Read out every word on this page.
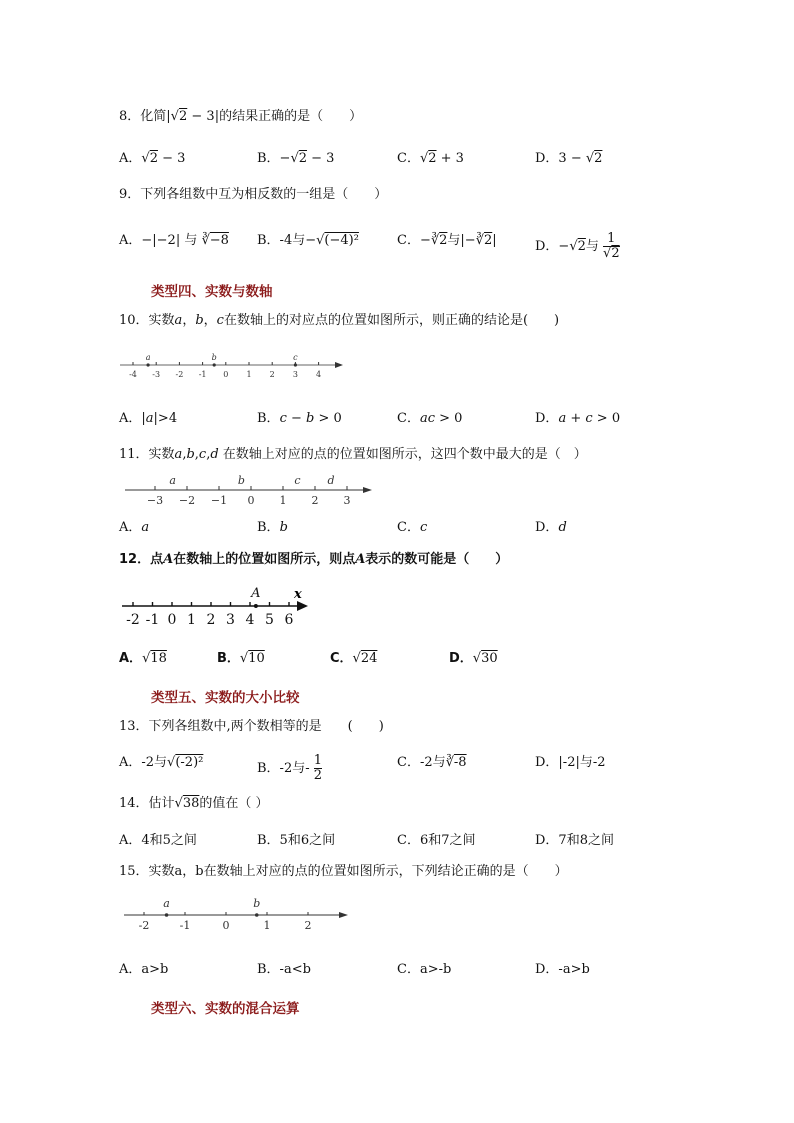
8．化简|√2 − 3|的结果正确的是（　　）
A．√2 − 3	B．−√2 − 3	C．√2 + 3	D．3 − √2
9．下列各组数中互为相反数的一组是（　　）
A．−|−2| 与 ∛−8 B．-4与−√(−4)²	C．−∛2与|−∛2|	D．−√2与 $\frac{1}{√2}$
类型四、实数与数轴
10．实数a，b，c在数轴上的对应点的位置如图所示，则正确的结论是(　　)
-4 -3 -2 -1 0 1 2 3 4
a	b	c
A．|a|>4	B．c − b > 0	C．ac > 0	D．a + c > 0
11．实数a,b,c,d 在数轴上对应的点的位置如图所示，这四个数中最大的是（　）
−3 −2 −1 0 1 2 3
a	b	c d
A．a	B．b	C．c	D．d
12．点A在数轴上的位置如图所示，则点A表示的数可能是（　　）
x
-2 -1 0 1 2 3 4 5 6
A
A．√18	B．√10	C．√24	D．√30
类型五、实数的大小比较
13．下列各组数中,两个数相等的是　　(　　)
A．-2与√(-2)²	B．-2与- $\frac{1}{2}$	C．-2与∛-8	D．|-2|与-2
14．估计√38的值在（ ）
A．4和5之间	B．5和6之间	C．6和7之间	D．7和8之间
15．实数a，b在数轴上对应的点的位置如图所示，下列结论正确的是（　　）
-2	-1	0	1	2
a	b
A．a>b	B．-a<b	C．a>-b	D．-a>b
类型六、实数的混合运算
